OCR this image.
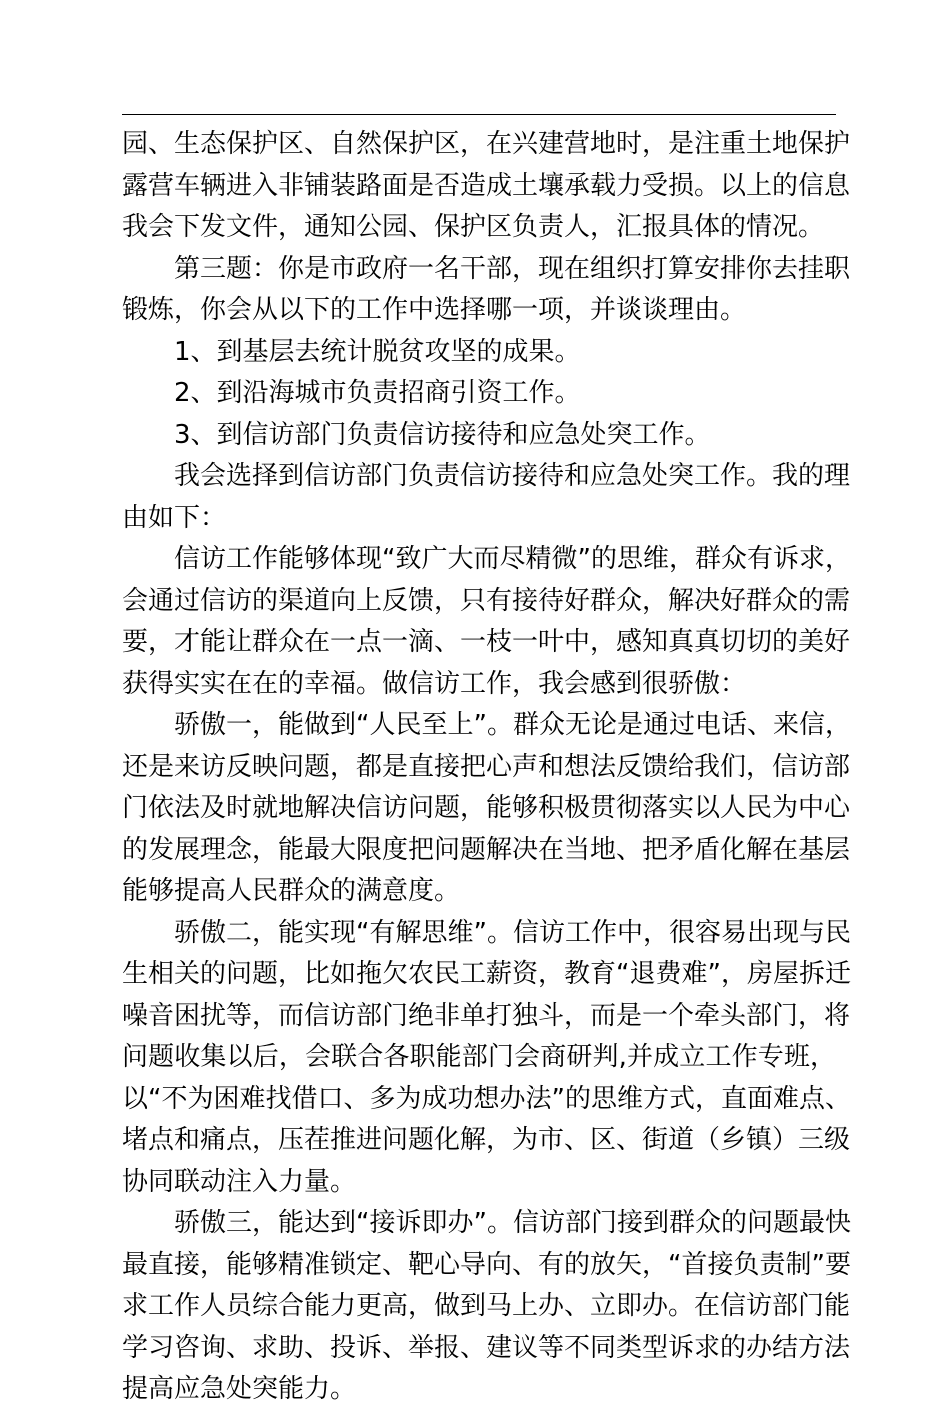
园、生态保护区、自然保护区，在兴建营地时，是注重土地保护
露营车辆进入非铺装路面是否造成土壤承载力受损。以上的信息
我会下发文件，通知公园、保护区负责人，汇报具体的情况。
第三题：你是市政府一名干部，现在组织打算安排你去挂职
锻炼，你会从以下的工作中选择哪一项，并谈谈理由。
1、到基层去统计脱贫攻坚的成果。
2、到沿海城市负责招商引资工作。
3、到信访部门负责信访接待和应急处突工作。
我会选择到信访部门负责信访接待和应急处突工作。我的理
由如下：
信访工作能够体现“致广大而尽精微”的思维，群众有诉求，
会通过信访的渠道向上反馈，只有接待好群众，解决好群众的需
要，才能让群众在一点一滴、一枝一叶中，感知真真切切的美好
获得实实在在的幸福。做信访工作，我会感到很骄傲：
骄傲一，能做到“人民至上”。群众无论是通过电话、来信，
还是来访反映问题，都是直接把心声和想法反馈给我们，信访部
门依法及时就地解决信访问题，能够积极贯彻落实以人民为中心
的发展理念，能最大限度把问题解决在当地、把矛盾化解在基层
能够提高人民群众的满意度。
骄傲二，能实现“有解思维”。信访工作中，很容易出现与民
生相关的问题，比如拖欠农民工薪资，教育“退费难”，房屋拆迁
噪音困扰等，而信访部门绝非单打独斗，而是一个牵头部门，将
问题收集以后，会联合各职能部门会商研判,并成立工作专班，
以“不为困难找借口、多为成功想办法”的思维方式，直面难点、
堵点和痛点，压茬推进问题化解，为市、区、街道（乡镇）三级
协同联动注入力量。
骄傲三，能达到“接诉即办”。信访部门接到群众的问题最快
最直接，能够精准锁定、靶心导向、有的放矢，“首接负责制”要
求工作人员综合能力更高，做到马上办、立即办。在信访部门能
学习咨询、求助、投诉、举报、建议等不同类型诉求的办结方法
提高应急处突能力。
